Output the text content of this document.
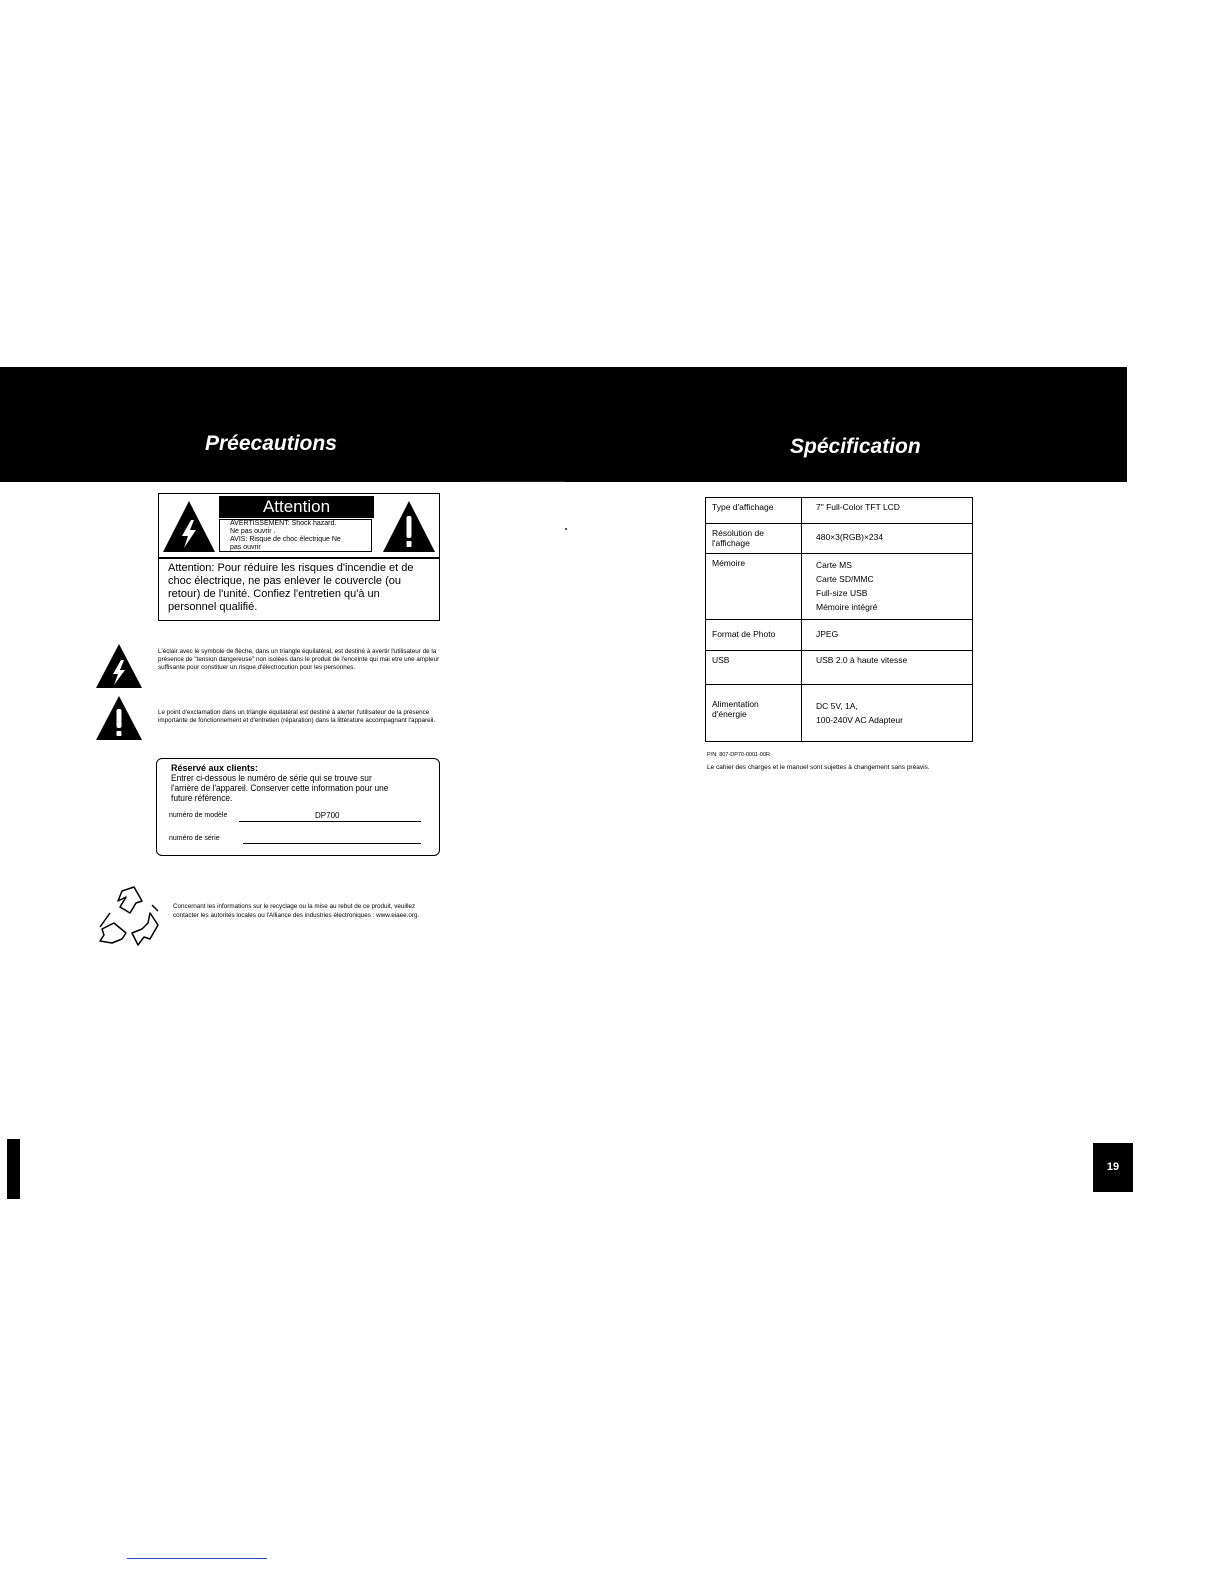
Préecautions	Spécification
Attention
AVERTISSEMENT: Shock hazard.
Ne pas ouvrir .
AVIS: Risque de choc électrique Ne
pas ouvrir
Attention: Pour réduire les risques d'incendie et de choc électrique, ne pas enlever le couvercle (ou retour) de l'unité. Confiez l'entretien qu'à un personnel qualifié.
L'éclair avec le symbole de flèche, dans un triangle équilatéral, est destiné à avertir l'utilisateur de la présence de "tension dangereuse" non isolées dans le produit de l'enceinte qui mai etre une ampleur suffisante pour constituer un risque d'électrocution pour les personnes.
Le point d'exclamation dans un triangle équilatéral est destiné à alerter l'utilisateur de la présence importante de fonctionnement et d'entretien (réparation) dans la littérature accompagnant l'appareil.
Réservé aux clients:
Entrer ci-dessous le numéro de série qui se trouve sur l'arrière de l'appareil. Conserver cette information pour une future référence.
numéro de modèle	DP700
numéro de série
Concernant les informations sur le recyclage ou la mise au rebut de ce produit, veuillez contacter les autorités locales ou l'Alliance des industries électroniques : www.eiaee.org.
Type d'affichage	7" Full-Color TFT LCD
Résolution de l'affichage	480×3(RGB)×234
Mémoire	Carte MS
Carte SD/MMC
Full-size USB
Mémoire intégré

Format de Photo	JPEG
USB	USB 2.0 à haute vitesse
Alimentation d'énergie	DC 5V, 1A,
100-240V AC Adapteur
P/N: 807-DP70-0001-00R
Le cahier des charges et le manuel sont sujettes à changement sans préavis.
19
